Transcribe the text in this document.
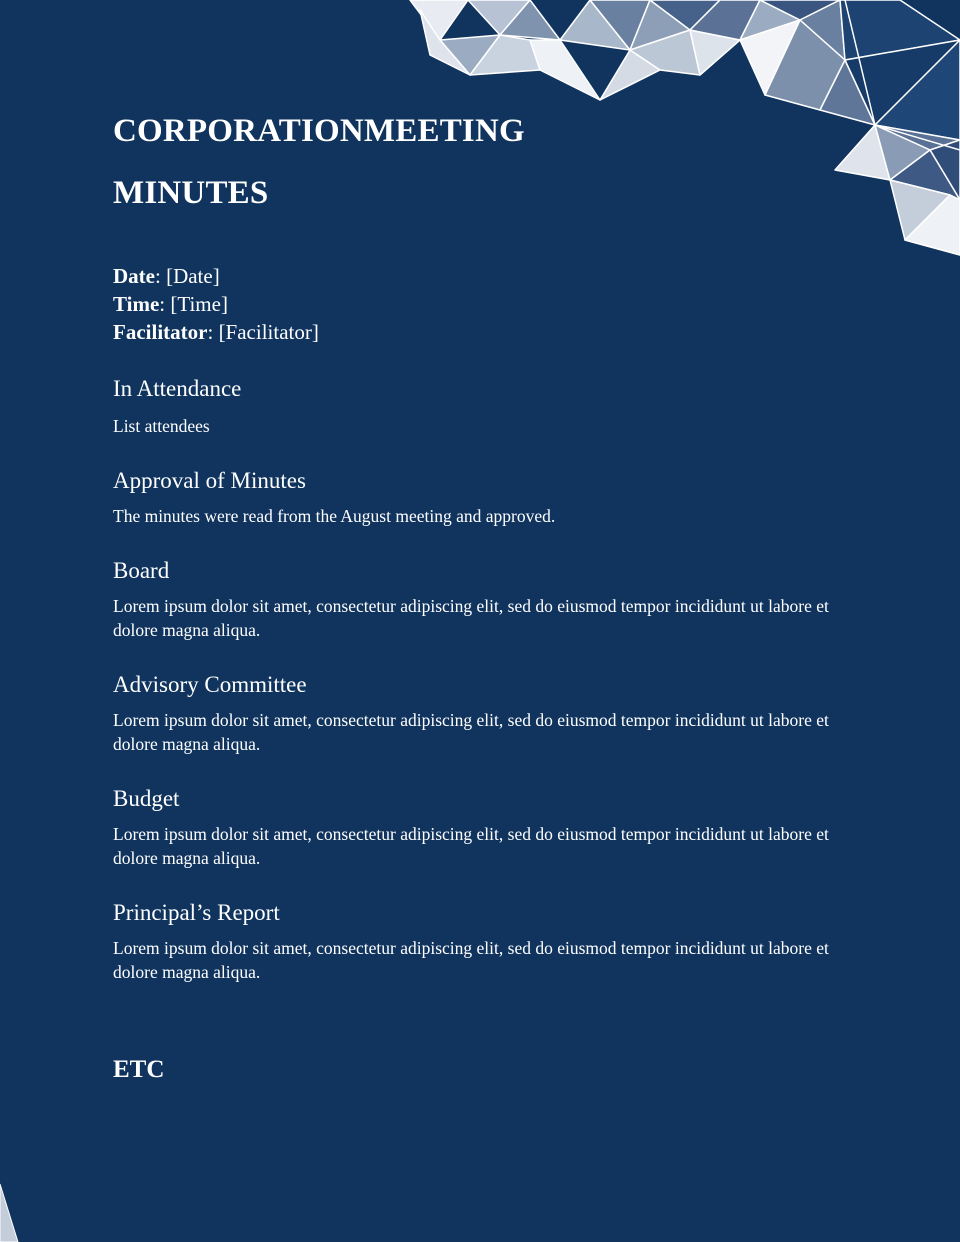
CORPORATIONMEETING
MINUTES
Date: [Date]
Time: [Time]
Facilitator: [Facilitator]
In Attendance

List attendees

Approval of Minutes

The minutes were read from the August meeting and approved.

Board

Lorem ipsum dolor sit amet, consectetur adipiscing elit, sed do eiusmod tempor incididunt ut labore et dolore magna aliqua.

Advisory Committee

Lorem ipsum dolor sit amet, consectetur adipiscing elit, sed do eiusmod tempor incididunt ut labore et dolore magna aliqua.

Budget

Lorem ipsum dolor sit amet, consectetur adipiscing elit, sed do eiusmod tempor incididunt ut labore et dolore magna aliqua.

Principal’s Report

Lorem ipsum dolor sit amet, consectetur adipiscing elit, sed do eiusmod tempor incididunt ut labore et dolore magna aliqua.

ETC
